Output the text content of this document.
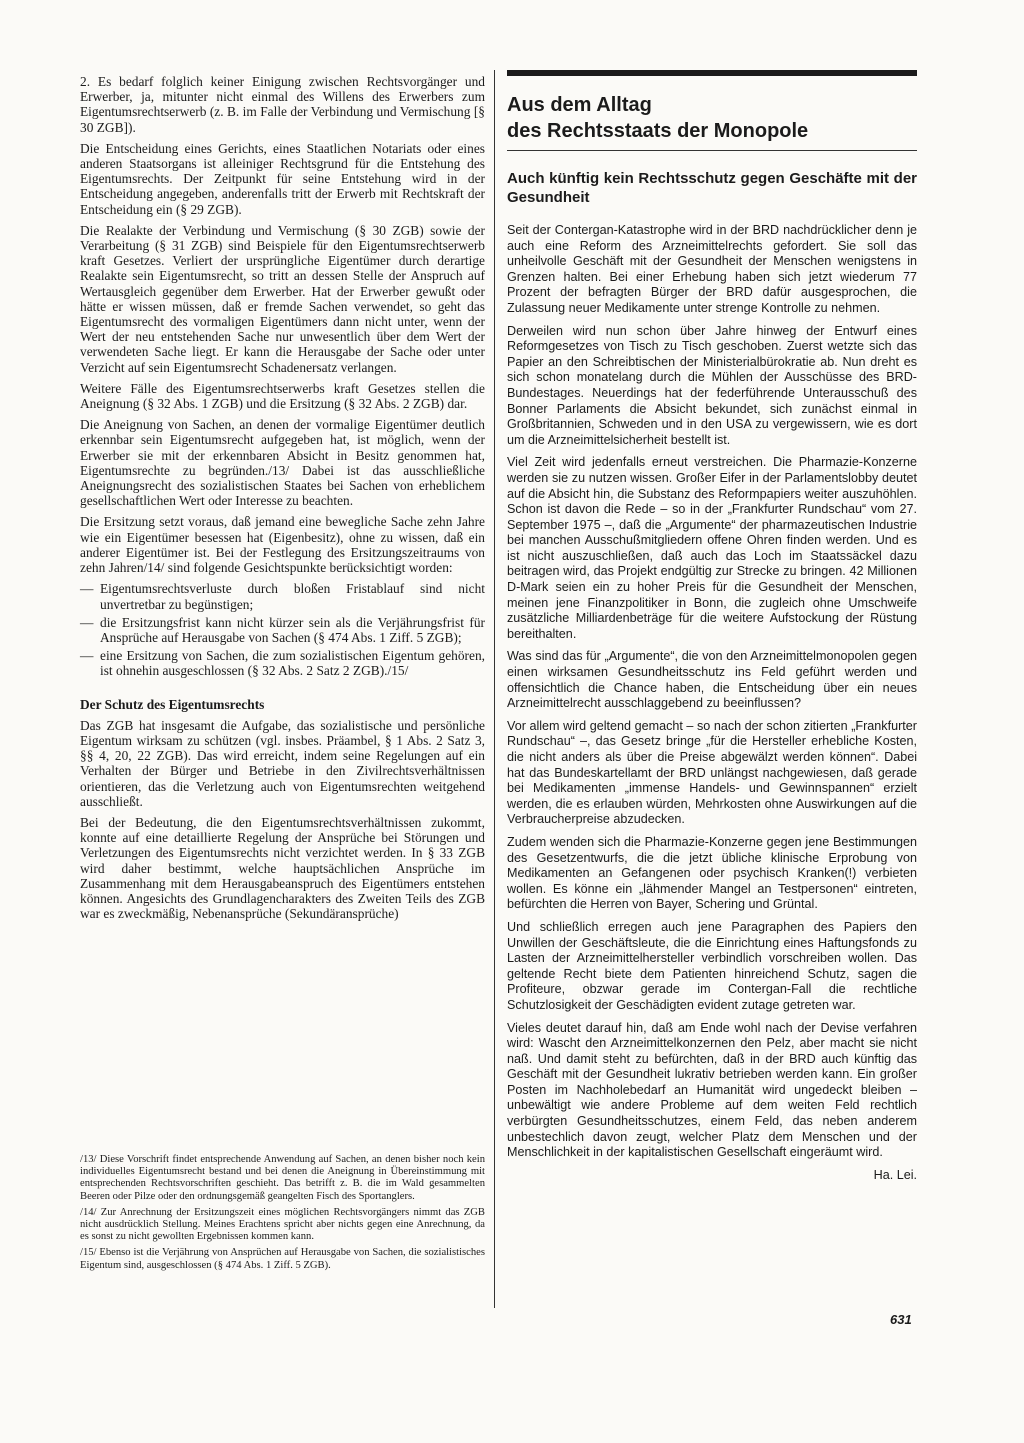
2. Es bedarf folglich keiner Einigung zwischen Rechtsvorgänger und Erwerber, ja, mitunter nicht einmal des Willens des Erwerbers zum Eigentumsrechtserwerb (z. B. im Falle der Verbindung und Vermischung [§ 30 ZGB]).

Die Entscheidung eines Gerichts, eines Staatlichen Notariats oder eines anderen Staatsorgans ist alleiniger Rechtsgrund für die Entstehung des Eigentumsrechts. Der Zeitpunkt für seine Entstehung wird in der Entscheidung angegeben, anderenfalls tritt der Erwerb mit Rechtskraft der Entscheidung ein (§ 29 ZGB).

Die Realakte der Verbindung und Vermischung (§ 30 ZGB) sowie der Verarbeitung (§ 31 ZGB) sind Beispiele für den Eigentumsrechtserwerb kraft Gesetzes. Verliert der ursprüngliche Eigentümer durch derartige Realakte sein Eigentumsrecht, so tritt an dessen Stelle der Anspruch auf Wertausgleich gegenüber dem Erwerber. Hat der Erwerber gewußt oder hätte er wissen müssen, daß er fremde Sachen verwendet, so geht das Eigentumsrecht des vormaligen Eigentümers dann nicht unter, wenn der Wert der neu entstehenden Sache nur unwesentlich über dem Wert der verwendeten Sache liegt. Er kann die Herausgabe der Sache oder unter Verzicht auf sein Eigentumsrecht Schadenersatz verlangen.

Weitere Fälle des Eigentumsrechtserwerbs kraft Gesetzes stellen die Aneignung (§ 32 Abs. 1 ZGB) und die Ersitzung (§ 32 Abs. 2 ZGB) dar.

Die Aneignung von Sachen, an denen der vormalige Eigentümer deutlich erkennbar sein Eigentumsrecht aufgegeben hat, ist möglich, wenn der Erwerber sie mit der erkennbaren Absicht in Besitz genommen hat, Eigentumsrechte zu begründen./13/ Dabei ist das ausschließliche Aneignungsrecht des sozialistischen Staates bei Sachen von erheblichem gesellschaftlichen Wert oder Interesse zu beachten.

Die Ersitzung setzt voraus, daß jemand eine bewegliche Sache zehn Jahre wie ein Eigentümer besessen hat (Eigenbesitz), ohne zu wissen, daß ein anderer Eigentümer ist. Bei der Festlegung des Ersitzungszeitraums von zehn Jahren/14/ sind folgende Gesichtspunkte berücksichtigt worden:

— Eigentumsrechtsverluste durch bloßen Fristablauf sind nicht unvertretbar zu begünstigen;
— die Ersitzungsfrist kann nicht kürzer sein als die Verjährungsfrist für Ansprüche auf Herausgabe von Sachen (§ 474 Abs. 1 Ziff. 5 ZGB);
— eine Ersitzung von Sachen, die zum sozialistischen Eigentum gehören, ist ohnehin ausgeschlossen (§ 32 Abs. 2 Satz 2 ZGB)./15/
Der Schutz des Eigentumsrechts

Das ZGB hat insgesamt die Aufgabe, das sozialistische und persönliche Eigentum wirksam zu schützen (vgl. insbes. Präambel, § 1 Abs. 2 Satz 3, §§ 4, 20, 22 ZGB). Das wird erreicht, indem seine Regelungen auf ein Verhalten der Bürger und Betriebe in den Zivilrechtsverhältnissen orientieren, das die Verletzung auch von Eigentumsrechten weitgehend ausschließt.

Bei der Bedeutung, die den Eigentumsrechtsverhältnissen zukommt, konnte auf eine detaillierte Regelung der Ansprüche bei Störungen und Verletzungen des Eigentumsrechts nicht verzichtet werden. In § 33 ZGB wird daher bestimmt, welche hauptsächlichen Ansprüche im Zusammenhang mit dem Herausgabeanspruch des Eigentümers entstehen können. Angesichts des Grundlagencharakters des Zweiten Teils des ZGB war es zweckmäßig, Nebenansprüche (Sekundäransprüche)

/13/ Diese Vorschrift findet entsprechende Anwendung auf Sachen, an denen bisher noch kein individuelles Eigentumsrecht bestand und bei denen die Aneignung in Übereinstimmung mit entsprechenden Rechtsvorschriften geschieht. Das betrifft z. B. die im Wald gesammelten Beeren oder Pilze oder den ordnungsgemäß geangelten Fisch des Sportanglers.

/14/ Zur Anrechnung der Ersitzungszeit eines möglichen Rechtsvorgängers nimmt das ZGB nicht ausdrücklich Stellung. Meines Erachtens spricht aber nichts gegen eine Anrechnung, da es sonst zu nicht gewollten Ergebnissen kommen kann.

/15/ Ebenso ist die Verjährung von Ansprüchen auf Herausgabe von Sachen, die sozialistisches Eigentum sind, ausgeschlossen (§ 474 Abs. 1 Ziff. 5 ZGB).

Aus dem Alltag
des Rechtsstaats der Monopole
Auch künftig kein Rechtsschutz gegen Geschäfte mit der Gesundheit

Seit der Contergan-Katastrophe wird in der BRD nachdrücklicher denn je auch eine Reform des Arzneimittelrechts gefordert. Sie soll das unheilvolle Geschäft mit der Gesundheit der Menschen wenigstens in Grenzen halten. Bei einer Erhebung haben sich jetzt wiederum 77 Prozent der befragten Bürger der BRD dafür ausgesprochen, die Zulassung neuer Medikamente unter strenge Kontrolle zu nehmen.

Derweilen wird nun schon über Jahre hinweg der Entwurf eines Reformgesetzes von Tisch zu Tisch geschoben. Zuerst wetzte sich das Papier an den Schreibtischen der Ministerialbürokratie ab. Nun dreht es sich schon monatelang durch die Mühlen der Ausschüsse des BRD-Bundestages. Neuerdings hat der federführende Unterausschuß des Bonner Parlaments die Absicht bekundet, sich zunächst einmal in Großbritannien, Schweden und in den USA zu vergewissern, wie es dort um die Arzneimittelsicherheit bestellt ist.

Viel Zeit wird jedenfalls erneut verstreichen. Die Pharmazie-Konzerne werden sie zu nutzen wissen. Großer Eifer in der Parlamentslobby deutet auf die Absicht hin, die Substanz des Reformpapiers weiter auszuhöhlen. Schon ist davon die Rede – so in der „Frankfurter Rundschau“ vom 27. September 1975 –, daß die „Argumente“ der pharmazeutischen Industrie bei manchen Ausschußmitgliedern offene Ohren finden werden. Und es ist nicht auszuschließen, daß auch das Loch im Staatssäckel dazu beitragen wird, das Projekt endgültig zur Strecke zu bringen. 42 Millionen D-Mark seien ein zu hoher Preis für die Gesundheit der Menschen, meinen jene Finanzpolitiker in Bonn, die zugleich ohne Umschweife zusätzliche Milliardenbeträge für die weitere Aufstockung der Rüstung bereithalten.

Was sind das für „Argumente“, die von den Arzneimittelmonopolen gegen einen wirksamen Gesundheitsschutz ins Feld geführt werden und offensichtlich die Chance haben, die Entscheidung über ein neues Arzneimittelrecht ausschlaggebend zu beeinflussen?

Vor allem wird geltend gemacht – so nach der schon zitierten „Frankfurter Rundschau“ –, das Gesetz bringe „für die Hersteller erhebliche Kosten, die nicht anders als über die Preise abgewälzt werden können“. Dabei hat das Bundeskartellamt der BRD unlängst nachgewiesen, daß gerade bei Medikamenten „immense Handels- und Gewinnspannen“ erzielt werden, die es erlauben würden, Mehrkosten ohne Auswirkungen auf die Verbraucherpreise abzudecken.

Zudem wenden sich die Pharmazie-Konzerne gegen jene Bestimmungen des Gesetzentwurfs, die die jetzt übliche klinische Erprobung von Medikamenten an Gefangenen oder psychisch Kranken(!) verbieten wollen. Es könne ein „lähmender Mangel an Testpersonen“ eintreten, befürchten die Herren von Bayer, Schering und Grüntal.

Und schließlich erregen auch jene Paragraphen des Papiers den Unwillen der Geschäftsleute, die die Einrichtung eines Haftungsfonds zu Lasten der Arzneimittelhersteller verbindlich vorschreiben wollen. Das geltende Recht biete dem Patienten hinreichend Schutz, sagen die Profiteure, obzwar gerade im Contergan-Fall die rechtliche Schutzlosigkeit der Geschädigten evident zutage getreten war.

Vieles deutet darauf hin, daß am Ende wohl nach der Devise verfahren wird: Wascht den Arzneimittelkonzernen den Pelz, aber macht sie nicht naß. Und damit steht zu befürchten, daß in der BRD auch künftig das Geschäft mit der Gesundheit lukrativ betrieben werden kann. Ein großer Posten im Nachholebedarf an Humanität wird ungedeckt bleiben – unbewältigt wie andere Probleme auf dem weiten Feld rechtlich verbürgten Gesundheitsschutzes, einem Feld, das neben anderem unbestechlich davon zeugt, welcher Platz dem Menschen und der Menschlichkeit in der kapitalistischen Gesellschaft eingeräumt wird.

Ha. Lei.
631
